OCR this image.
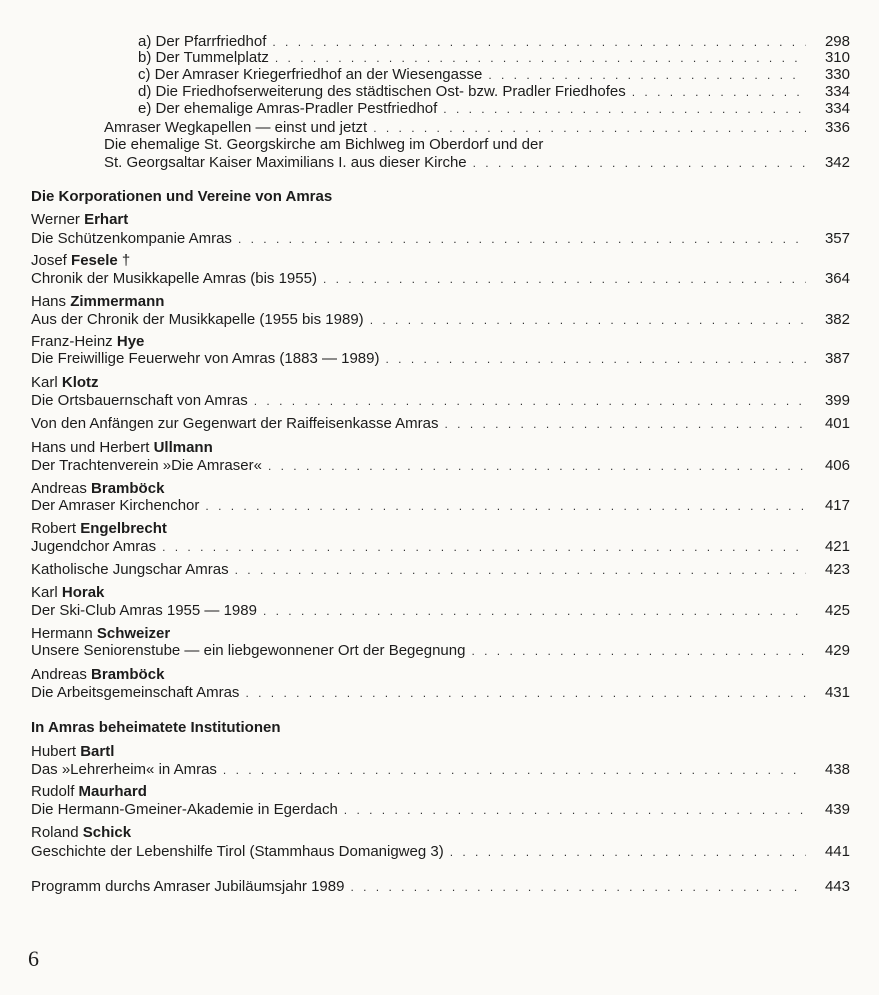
a) Der Pfarrfriedhof . . .	298
b) Der Tummelplatz . . .	310
c) Der Amraser Kriegerfriedhof an der Wiesengasse . . .	330
d) Die Friedhofserweiterung des städtischen Ost- bzw. Pradler Friedhofes . . .	334
e) Der ehemalige Amras-Pradler Pestfriedhof . . .	334
Amraser Wegkapellen — einst und jetzt . . .	336
Die ehemalige St. Georgskirche am Bichlweg im Oberdorf und der
St. Georgsaltar Kaiser Maximilians I. aus dieser Kirche . . .	342
Die Korporationen und Vereine von Amras
Werner Erhart
Die Schützenkompanie Amras . . .	357
Josef Fesele †
Chronik der Musikkapelle Amras (bis 1955) . . .	364
Hans Zimmermann
Aus der Chronik der Musikkapelle (1955 bis 1989) . . .	382
Franz-Heinz Hye
Die Freiwillige Feuerwehr von Amras (1883 — 1989) . . .	387
Karl Klotz
Die Ortsbauernschaft von Amras . . .	399
Von den Anfängen zur Gegenwart der Raiffeisenkasse Amras . . .	401
Hans und Herbert Ullmann
Der Trachtenverein »Die Amraser« . . .	406
Andreas Bramböck
Der Amraser Kirchenchor . . .	417
Robert Engelbrecht
Jugendchor Amras . . .	421
Katholische Jungschar Amras . . .	423
Karl Horak
Der Ski-Club Amras 1955 — 1989 . . .	425
Hermann Schweizer
Unsere Seniorenstube — ein liebgewonnener Ort der Begegnung . . .	429
Andreas Bramböck
Die Arbeitsgemeinschaft Amras . . .	431
In Amras beheimatete Institutionen
Hubert Bartl
Das »Lehrerheim« in Amras . . .	438
Rudolf Maurhard
Die Hermann-Gmeiner-Akademie in Egerdach . . .	439
Roland Schick
Geschichte der Lebenshilfe Tirol (Stammhaus Domanigweg 3) . . .	441
Programm durchs Amraser Jubiläumsjahr 1989 . . .	443
6
